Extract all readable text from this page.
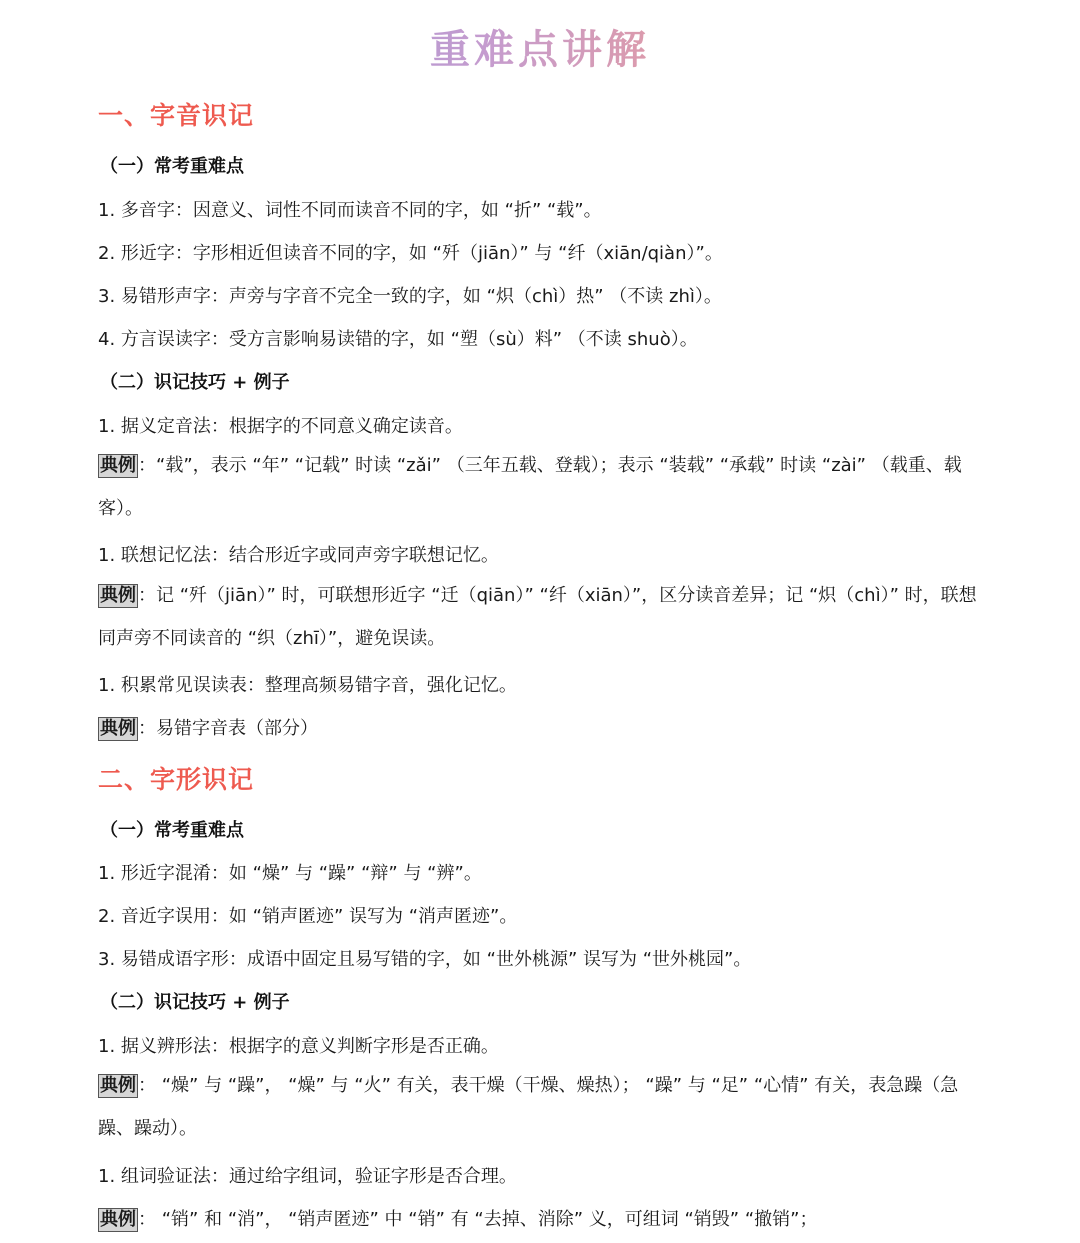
重难点讲解
一、字音识记
（一）常考重难点
1. 多音字：因意义、词性不同而读音不同的字，如 “折” “载”。
2. 形近字：字形相近但读音不同的字，如 “歼（jiān）” 与 “纤（xiān/qiàn）”。
3. 易错形声字：声旁与字音不完全一致的字，如 “炽（chì）热” （不读 zhì）。
4. 方言误读字：受方言影响易读错的字，如 “塑（sù）料” （不读 shuò）。
（二）识记技巧 + 例子
1. 据义定音法：根据字的不同意义确定读音。
典例 ：“载”，表示 “年” “记载” 时读 “zǎi” （三年五载、登载）；表示 “装载” “承载” 时读 “zài” （载重、载客）。
1. 联想记忆法：结合形近字或同声旁字联想记忆。
典例 ：记 “歼（jiān）” 时，可联想形近字 “迁（qiān）” “纤（xiān）”，区分读音差异；记 “炽（chì）” 时，联想同声旁不同读音的 “织（zhī）”，避免误读。
1. 积累常见误读表：整理高频易错字音，强化记忆。
典例 ：易错字音表（部分）
二、字形识记
（一）常考重难点
1. 形近字混淆：如 “燥” 与 “躁” “辩” 与 “辨”。
2. 音近字误用：如 “销声匿迹” 误写为 “消声匿迹”。
3. 易错成语字形：成语中固定且易写错的字，如 “世外桃源” 误写为 “世外桃园”。
（二）识记技巧 + 例子
1. 据义辨形法：根据字的意义判断字形是否正确。
典例 ： “燥” 与 “躁”， “燥” 与 “火” 有关，表干燥（干燥、燥热）； “躁” 与 “足” “心情” 有关，表急躁（急躁、躁动）。
1. 组词验证法：通过给字组词，验证字形是否合理。
典例 ： “销” 和 “消”， “销声匿迹” 中 “销” 有 “去掉、消除” 义，可组词 “销毁” “撤销”；
